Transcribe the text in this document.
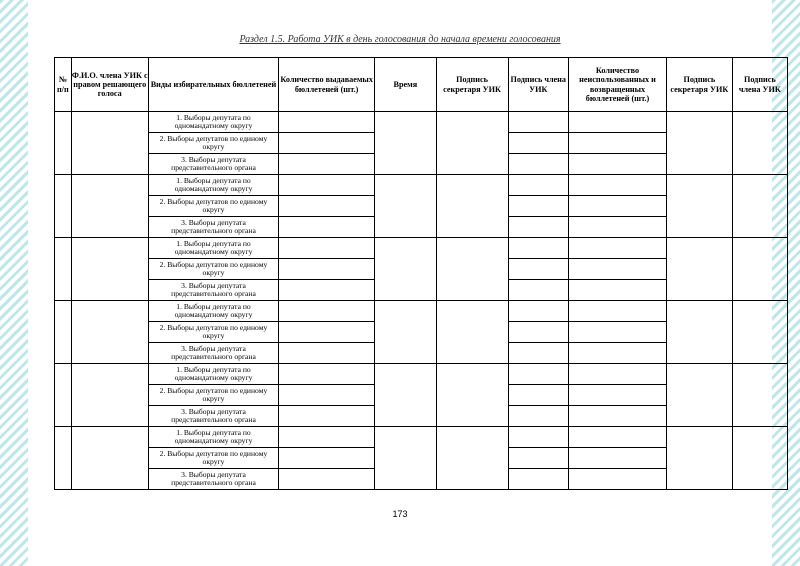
Раздел 1.5. Работа УИК в день голосования до начала времени голосования
№ п/п	Ф.И.О. члена УИК с правом решающего голоса	Виды избирательных бюллетеней	Количество выдаваемых бюллетеней (шт.)	Время	Подпись секретаря УИК	Подпись члена УИК	Количество неиспользованных и возвращенных бюллетеней (шт.)	Подпись секретаря УИК	Подпись члена УИК
		1. Выборы депутата по одномандатному округу							
		2. Выборы депутатов по единому округу							
		3. Выборы депутата представительного органа							
		1. Выборы депутата по одномандатному округу							
		2. Выборы депутатов по единому округу							
		3. Выборы депутата представительного органа							
		1. Выборы депутата по одномандатному округу							
		2. Выборы депутатов по единому округу							
		3. Выборы депутата представительного органа							
		1. Выборы депутата по одномандатному округу							
		2. Выборы депутатов по единому округу							
		3. Выборы депутата представительного органа							
		1. Выборы депутата по одномандатному округу							
		2. Выборы депутатов по единому округу							
		3. Выборы депутата представительного органа							
		1. Выборы депутата по одномандатному округу							
		2. Выборы депутатов по единому округу							
		3. Выборы депутата представительного органа							
173
